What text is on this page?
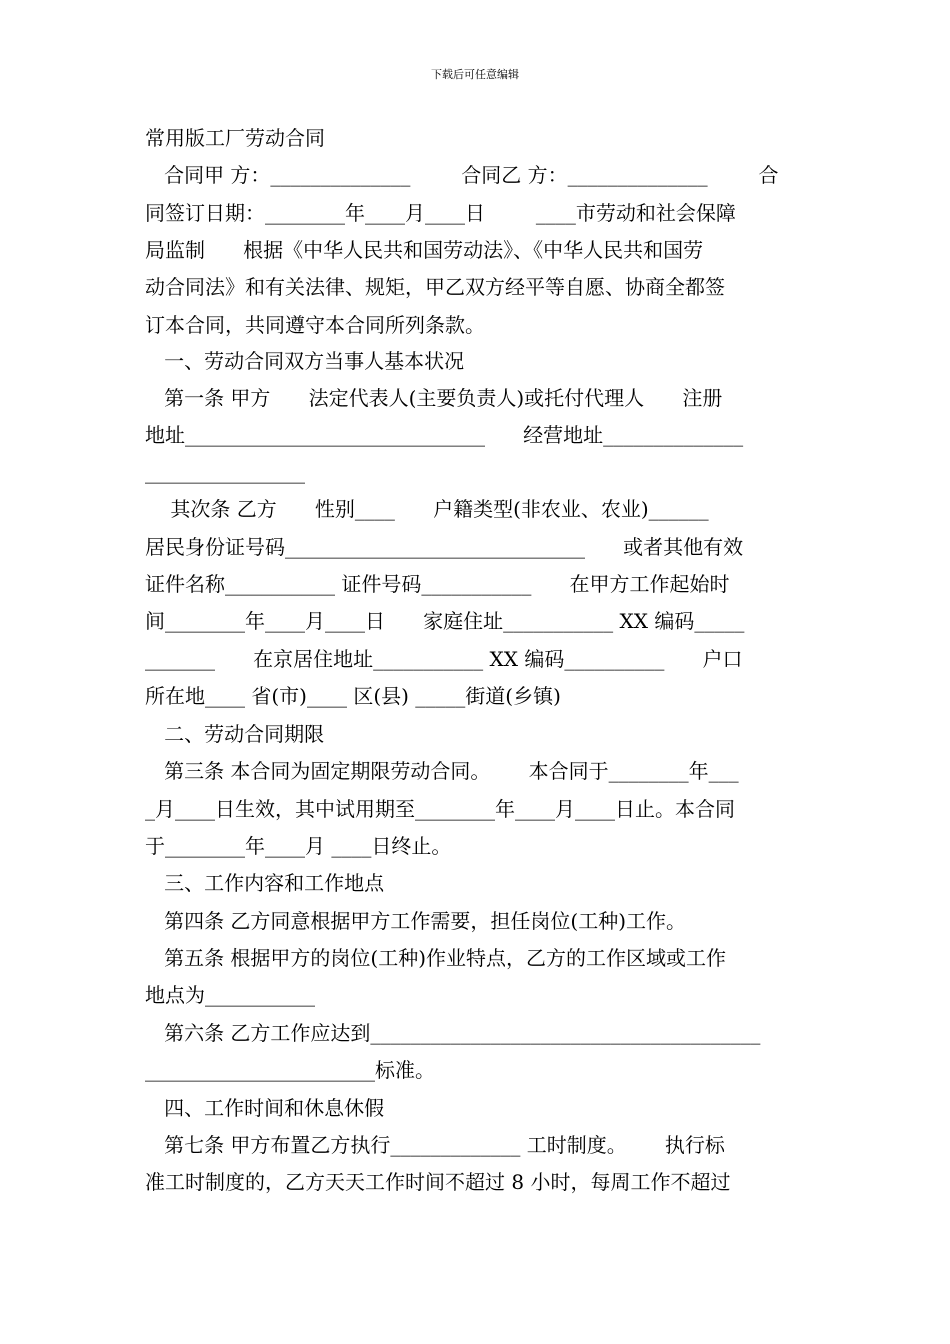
下载后可任意编辑
常用版工厂劳动合同
合同甲 方：______________        合同乙 方：______________        合
同签订日期：________年____月____日        ____市劳动和社会保障
局监制      根据《中华人民共和国劳动法》、《中华人民共和国劳
动合同法》和有关法律、规矩，甲乙双方经平等自愿、协商全都签
订本合同，共同遵守本合同所列条款。
一、劳动合同双方当事人基本状况
第一条 甲方      法定代表人(主要负责人)或托付代理人      注册
地址______________________________      经营地址______________
________________
其次条 乙方      性别____      户籍类型(非农业、农业)______
居民身份证号码______________________________      或者其他有效
证件名称___________ 证件号码___________      在甲方工作起始时
间________年____月____日      家庭住址___________ XX 编码_____
_______      在京居住地址___________ XX 编码__________      户口
所在地____ 省(市)____ 区(县) _____街道(乡镇)
二、劳动合同期限
第三条 本合同为固定期限劳动合同。      本合同于________年___
_月____日生效，其中试用期至________年____月____日止。本合同
于________年____月 ____日终止。
三、工作内容和工作地点
第四条 乙方同意根据甲方工作需要，担任岗位(工种)工作。
第五条 根据甲方的岗位(工种)作业特点，乙方的工作区域或工作
地点为___________
第六条 乙方工作应达到_______________________________________
_______________________标准。
四、工作时间和休息休假
第七条 甲方布置乙方执行_____________ 工时制度。      执行标
准工时制度的，乙方天天工作时间不超过 8 小时，每周工作不超过
